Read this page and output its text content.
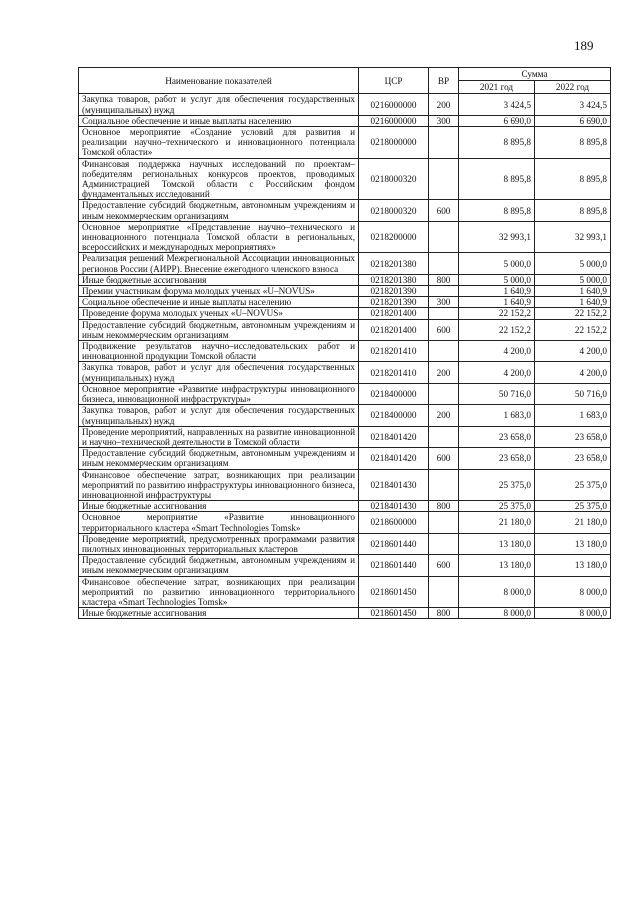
189
Наименование показателей	ЦСР	ВР	Сумма	
			2021 год	2022 год
Закупка товаров, работ и услуг для обеспечения государственных (муниципальных) нужд	0216000000	200	3 424,5	3 424,5
Социальное обеспечение и иные выплаты населению	0216000000	300	6 690,0	6 690,0
Основное мероприятие «Создание условий для развития и реализации научно–технического и инновационного потенциала Томской области»	0218000000		8 895,8	8 895,8
Финансовая поддержка научных исследований по проектам–победителям региональных конкурсов проектов, проводимых Администрацией Томской области с Российским фондом фундаментальных исследований	0218000320		8 895,8	8 895,8
Предоставление субсидий бюджетным, автономным учреждениям и иным некоммерческим организациям	0218000320	600	8 895,8	8 895,8
Основное мероприятие «Представление научно–технического и инновационного потенциала Томской области в региональных, всероссийских и международных мероприятиях»	0218200000		32 993,1	32 993,1
Реализация решений Межрегиональной Ассоциации инновационных регионов России (АИРР). Внесение ежегодного членского взноса	0218201380		5 000,0	5 000,0
Иные бюджетные ассигнования	0218201380	800	5 000,0	5 000,0
Премии участникам форума молодых ученых «U–NOVUS»	0218201390		1 640,9	1 640,9
Социальное обеспечение и иные выплаты населению	0218201390	300	1 640,9	1 640,9
Проведение форума молодых ученых «U–NOVUS»	0218201400		22 152,2	22 152,2
Предоставление субсидий бюджетным, автономным учреждениям и иным некоммерческим организациям	0218201400	600	22 152,2	22 152,2
Продвижение результатов научно–исследовательских работ и инновационной продукции Томской области	0218201410		4 200,0	4 200,0
Закупка товаров, работ и услуг для обеспечения государственных (муниципальных) нужд	0218201410	200	4 200,0	4 200,0
Основное мероприятие «Развитие инфраструктуры инновационного бизнеса, инновационной инфраструктуры»	0218400000		50 716,0	50 716,0
Закупка товаров, работ и услуг для обеспечения государственных (муниципальных) нужд	0218400000	200	1 683,0	1 683,0
Проведение мероприятий, направленных на развитие инновационной и научно–технической деятельности в Томской области	0218401420		23 658,0	23 658,0
Предоставление субсидий бюджетным, автономным учреждениям и иным некоммерческим организациям	0218401420	600	23 658,0	23 658,0
Финансовое обеспечение затрат, возникающих при реализации мероприятий по развитию инфраструктуры инновационного бизнеса, инновационной инфраструктуры	0218401430		25 375,0	25 375,0
Иные бюджетные ассигнования	0218401430	800	25 375,0	25 375,0
Основное мероприятие «Развитие инновационного территориального кластера «Smart Technologies Tomsk»	0218600000		21 180,0	21 180,0
Проведение мероприятий, предусмотренных программами развития пилотных инновационных территориальных кластеров	0218601440		13 180,0	13 180,0
Предоставление субсидий бюджетным, автономным учреждениям и иным некоммерческим организациям	0218601440	600	13 180,0	13 180,0
Финансовое обеспечение затрат, возникающих при реализации мероприятий по развитию инновационного территориального кластера «Smart Technologies Tomsk»	0218601450		8 000,0	8 000,0
Иные бюджетные ассигнования	0218601450	800	8 000,0	8 000,0
